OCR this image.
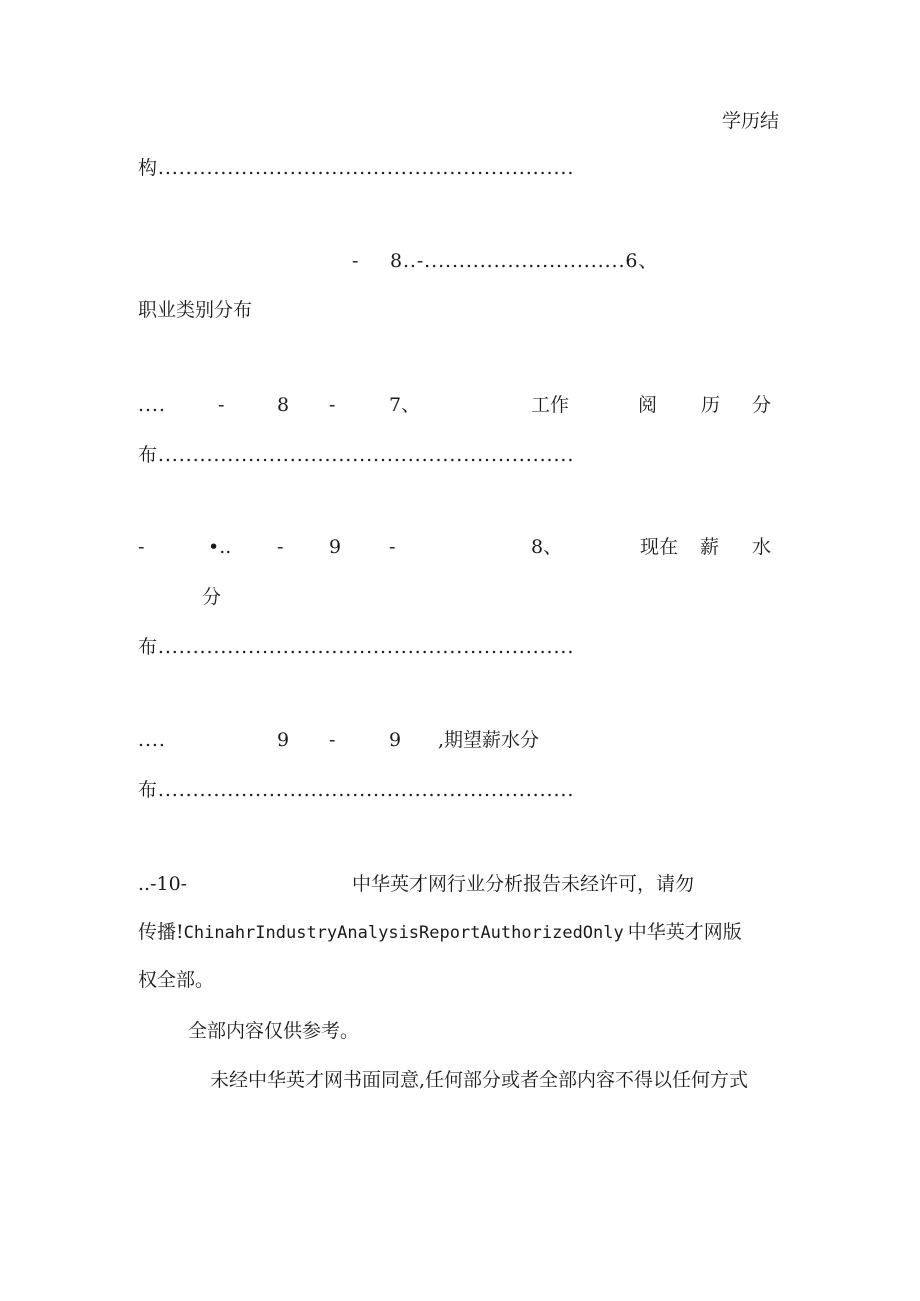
学历结
构............................................................
- 8..-.............................6、
职业类别分布
....	-	8 -	7、	工作	阅 历 分
布............................................................
-	•.. - 9	-	8、	现在 薪 水
分
布............................................................
....	9 -	9 ,期望薪水分
布............................................................
..-10-	中华英才网行业分析报告未经许可，请勿
传播!ChinahrIndustryAnalysisReportAuthorizedOnly 中华英才网版
权全部。
全部内容仅供参考。
未经中华英才网书面同意,任何部分或者全部内容不得以任何方式
